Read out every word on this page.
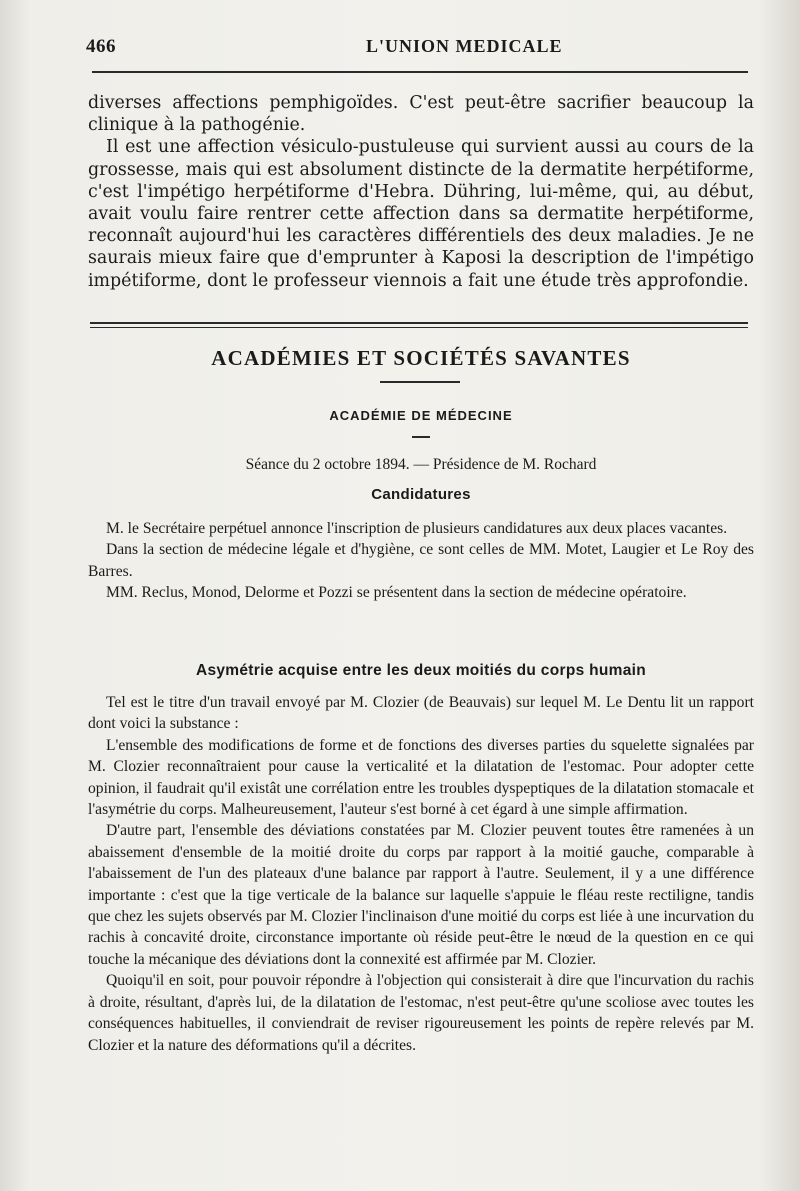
466	L'UNION MEDICALE

diverses affections pemphigoïdes. C'est peut-être sacrifier beaucoup la clinique à la pathogénie.

Il est une affection vésiculo-pustuleuse qui survient aussi au cours de la grossesse, mais qui est absolument distincte de la dermatite herpétiforme, c'est l'impétigo herpétiforme d'Hebra. Dühring, lui-même, qui, au début, avait voulu faire rentrer cette affection dans sa dermatite herpétiforme, reconnaît aujourd'hui les caractères différentiels des deux maladies. Je ne saurais mieux faire que d'emprunter à Kaposi la description de l'impétigo impétiforme, dont le professeur viennois a fait une étude très approfondie.

ACADÉMIES ET SOCIÉTÉS SAVANTES
ACADÉMIE DE MÉDECINE
Séance du 2 octobre 1894. — Présidence de M. Rochard
Candidatures

M. le Secrétaire perpétuel annonce l'inscription de plusieurs candidatures aux deux places vacantes.

Dans la section de médecine légale et d'hygiène, ce sont celles de MM. Motet, Laugier et Le Roy des Barres.

MM. Reclus, Monod, Delorme et Pozzi se présentent dans la section de médecine opératoire.

Asymétrie acquise entre les deux moitiés du corps humain

Tel est le titre d'un travail envoyé par M. Clozier (de Beauvais) sur lequel M. Le Dentu lit un rapport dont voici la substance :

L'ensemble des modifications de forme et de fonctions des diverses parties du squelette signalées par M. Clozier reconnaîtraient pour cause la verticalité et la dilatation de l'estomac. Pour adopter cette opinion, il faudrait qu'il existât une corrélation entre les troubles dyspeptiques de la dilatation stomacale et l'asymétrie du corps. Malheureusement, l'auteur s'est borné à cet égard à une simple affirmation.

D'autre part, l'ensemble des déviations constatées par M. Clozier peuvent toutes être ramenées à un abaissement d'ensemble de la moitié droite du corps par rapport à la moitié gauche, comparable à l'abaissement de l'un des plateaux d'une balance par rapport à l'autre. Seulement, il y a une différence importante : c'est que la tige verticale de la balance sur laquelle s'appuie le fléau reste rectiligne, tandis que chez les sujets observés par M. Clozier l'inclinaison d'une moitié du corps est liée à une incurvation du rachis à concavité droite, circonstance importante où réside peut-être le nœud de la question en ce qui touche la mécanique des déviations dont la connexité est affirmée par M. Clozier.

Quoiqu'il en soit, pour pouvoir répondre à l'objection qui consisterait à dire que l'incurvation du rachis à droite, résultant, d'après lui, de la dilatation de l'estomac, n'est peut-être qu'une scoliose avec toutes les conséquences habituelles, il conviendrait de reviser rigoureusement les points de repère relevés par M. Clozier et la nature des déformations qu'il a décrites.
